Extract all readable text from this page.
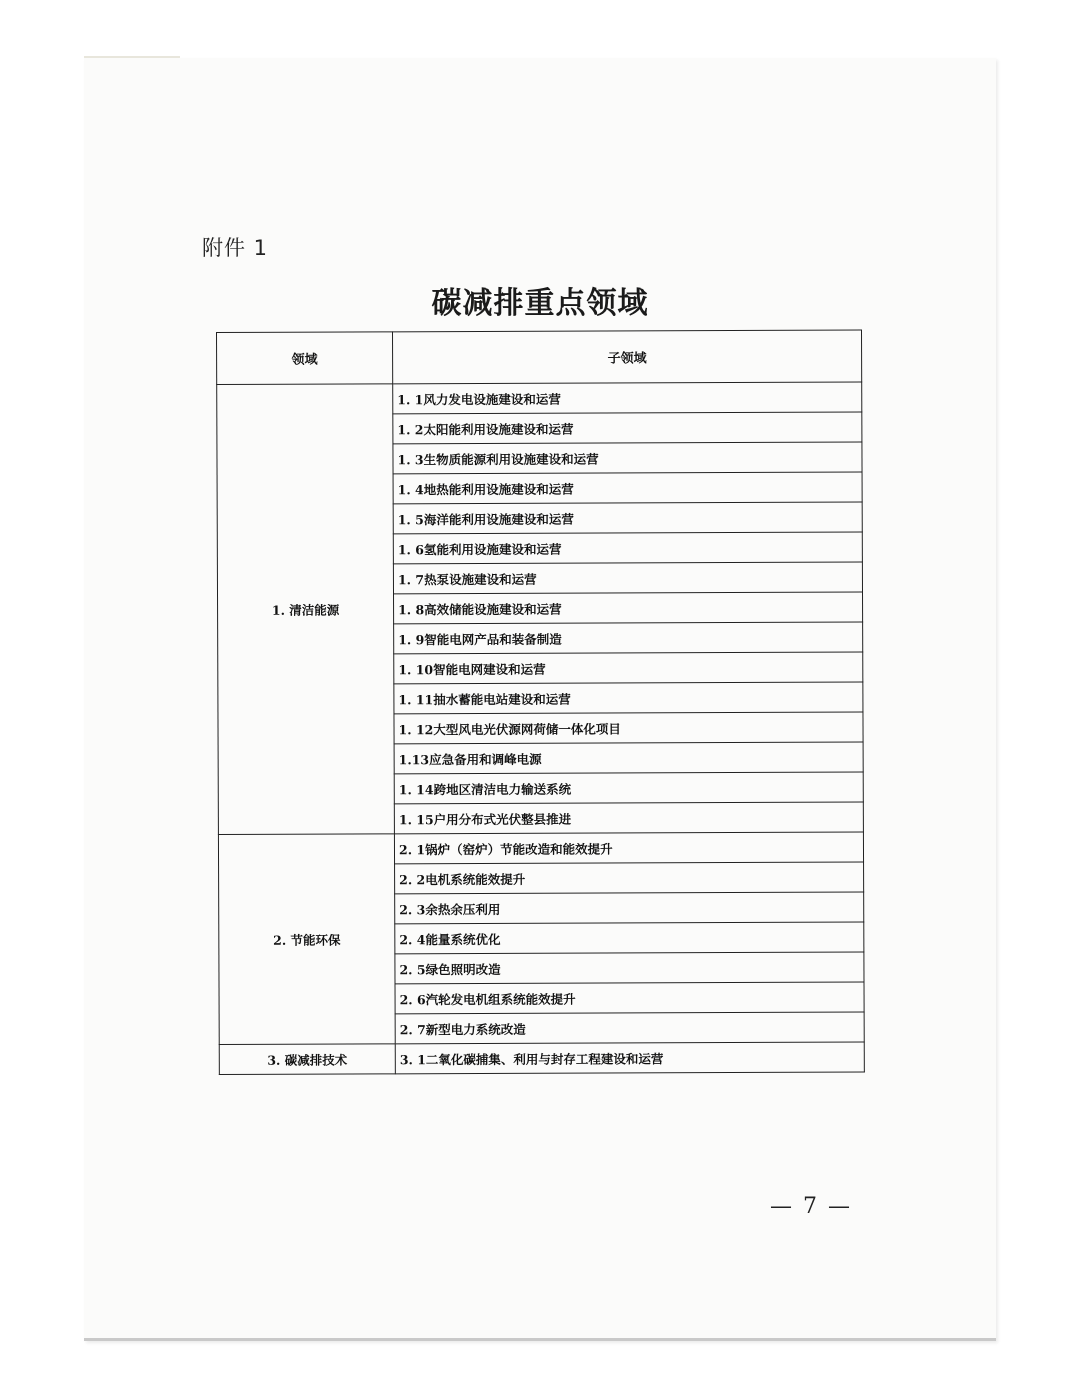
附件 1
碳减排重点领域
领域	子领域
1. 清洁能源	1. 1风力发电设施建设和运营
	1. 2太阳能利用设施建设和运营
	1. 3生物质能源利用设施建设和运营
	1. 4地热能利用设施建设和运营
	1. 5海洋能利用设施建设和运营
	1. 6氢能利用设施建设和运营
	1. 7热泵设施建设和运营
	1. 8高效储能设施建设和运营
	1. 9智能电网产品和装备制造
	1. 10智能电网建设和运营
	1. 11抽水蓄能电站建设和运营
	1. 12大型风电光伏源网荷储一体化项目
	1.13应急备用和调峰电源
	1. 14跨地区清洁电力输送系统
	1. 15户用分布式光伏整县推进
2. 节能环保	2. 1锅炉（窑炉）节能改造和能效提升
	2. 2电机系统能效提升
	2. 3余热余压利用
	2. 4能量系统优化
	2. 5绿色照明改造
	2. 6汽轮发电机组系统能效提升
	2. 7新型电力系统改造
3. 碳减排技术	3. 1二氧化碳捕集、利用与封存工程建设和运营
— 7 —
